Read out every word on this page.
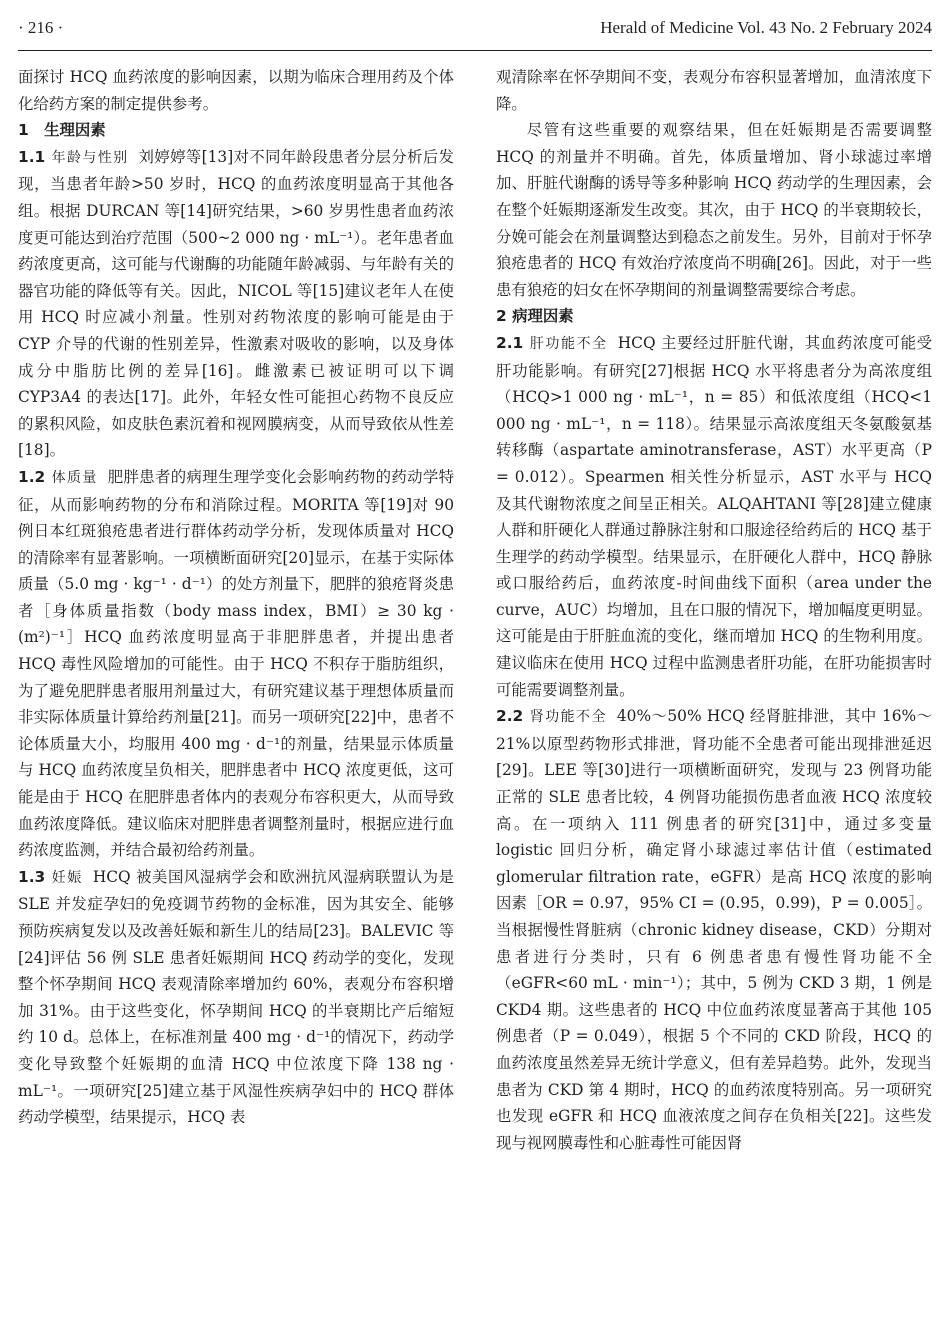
· 216 ·	Herald of Medicine Vol. 43 No. 2 February 2024

面探讨 HCQ 血药浓度的影响因素，以期为临床合理用药及个体化给药方案的制定提供参考。

1　生理因素

1.1 年龄与性别 刘婷婷等[13]对不同年龄段患者分层分析后发现，当患者年龄>50 岁时，HCQ 的血药浓度明显高于其他各组。根据 DURCAN 等[14]研究结果，>60 岁男性患者血药浓度更可能达到治疗范围（500~2 000 ng · mL⁻¹）。老年患者血药浓度更高，这可能与代谢酶的功能随年龄减弱、与年龄有关的器官功能的降低等有关。因此，NICOL 等[15]建议老年人在使用 HCQ 时应减小剂量。性别对药物浓度的影响可能是由于 CYP 介导的代谢的性别差异，性激素对吸收的影响，以及身体成分中脂肪比例的差异[16]。雌激素已被证明可以下调 CYP3A4 的表达[17]。此外，年轻女性可能担心药物不良反应的累积风险，如皮肤色素沉着和视网膜病变，从而导致依从性差[18]。

1.2 体质量 肥胖患者的病理生理学变化会影响药物的药动学特征，从而影响药物的分布和消除过程。MORITA 等[19]对 90 例日本红斑狼疮患者进行群体药动学分析，发现体质量对 HCQ 的清除率有显著影响。一项横断面研究[20]显示，在基于实际体质量（5.0 mg · kg⁻¹ · d⁻¹）的处方剂量下，肥胖的狼疮肾炎患者［身体质量指数（body mass index，BMI）≥ 30 kg · (m²)⁻¹］HCQ 血药浓度明显高于非肥胖患者，并提出患者 HCQ 毒性风险增加的可能性。由于 HCQ 不积存于脂肪组织，为了避免肥胖患者服用剂量过大，有研究建议基于理想体质量而非实际体质量计算给药剂量[21]。而另一项研究[22]中，患者不论体质量大小，均服用 400 mg · d⁻¹的剂量，结果显示体质量与 HCQ 血药浓度呈负相关，肥胖患者中 HCQ 浓度更低，这可能是由于 HCQ 在肥胖患者体内的表观分布容积更大，从而导致血药浓度降低。建议临床对肥胖患者调整剂量时，根据应进行血药浓度监测，并结合最初给药剂量。

1.3 妊娠 HCQ 被美国风湿病学会和欧洲抗风湿病联盟认为是 SLE 并发症孕妇的免疫调节药物的金标准，因为其安全、能够预防疾病复发以及改善妊娠和新生儿的结局[23]。BALEVIC 等[24]评估 56 例 SLE 患者妊娠期间 HCQ 药动学的变化，发现整个怀孕期间 HCQ 表观清除率增加约 60%，表观分布容积增加 31%。由于这些变化，怀孕期间 HCQ 的半衰期比产后缩短约 10 d。总体上，在标准剂量 400 mg · d⁻¹的情况下，药动学变化导致整个妊娠期的血清 HCQ 中位浓度下降 138 ng · mL⁻¹。一项研究[25]建立基于风湿性疾病孕妇中的 HCQ 群体药动学模型，结果提示，HCQ 表

观清除率在怀孕期间不变，表观分布容积显著增加，血清浓度下降。

尽管有这些重要的观察结果，但在妊娠期是否需要调整 HCQ 的剂量并不明确。首先，体质量增加、肾小球滤过率增加、肝脏代谢酶的诱导等多种影响 HCQ 药动学的生理因素，会在整个妊娠期逐渐发生改变。其次，由于 HCQ 的半衰期较长，分娩可能会在剂量调整达到稳态之前发生。另外，目前对于怀孕狼疮患者的 HCQ 有效治疗浓度尚不明确[26]。因此，对于一些患有狼疮的妇女在怀孕期间的剂量调整需要综合考虑。

2 病理因素

2.1 肝功能不全 HCQ 主要经过肝脏代谢，其血药浓度可能受肝功能影响。有研究[27]根据 HCQ 水平将患者分为高浓度组（HCQ>1 000 ng · mL⁻¹，n = 85）和低浓度组（HCQ<1 000 ng · mL⁻¹，n = 118）。结果显示高浓度组天冬氨酸氨基转移酶（aspartate aminotransferase，AST）水平更高（P = 0.012）。Spearmen 相关性分析显示，AST 水平与 HCQ 及其代谢物浓度之间呈正相关。ALQAHTANI 等[28]建立健康人群和肝硬化人群通过静脉注射和口服途径给药后的 HCQ 基于生理学的药动学模型。结果显示，在肝硬化人群中，HCQ 静脉或口服给药后，血药浓度-时间曲线下面积（area under the curve，AUC）均增加，且在口服的情况下，增加幅度更明显。这可能是由于肝脏血流的变化，继而增加 HCQ 的生物利用度。建议临床在使用 HCQ 过程中监测患者肝功能，在肝功能损害时可能需要调整剂量。

2.2 肾功能不全 40%～50% HCQ 经肾脏排泄，其中 16%～21%以原型药物形式排泄，肾功能不全患者可能出现排泄延迟[29]。LEE 等[30]进行一项横断面研究，发现与 23 例肾功能正常的 SLE 患者比较，4 例肾功能损伤患者血液 HCQ 浓度较高。在一项纳入 111 例患者的研究[31]中，通过多变量 logistic 回归分析，确定肾小球滤过率估计值（estimated glomerular filtration rate，eGFR）是高 HCQ 浓度的影响因素［OR = 0.97，95% CI = (0.95，0.99)，P = 0.005］。当根据慢性肾脏病（chronic kidney disease，CKD）分期对患者进行分类时，只有 6 例患者患有慢性肾功能不全（eGFR<60 mL · min⁻¹）；其中，5 例为 CKD 3 期，1 例是 CKD4 期。这些患者的 HCQ 中位血药浓度显著高于其他 105 例患者（P = 0.049），根据 5 个不同的 CKD 阶段，HCQ 的血药浓度虽然差异无统计学意义，但有差异趋势。此外，发现当患者为 CKD 第 4 期时，HCQ 的血药浓度特别高。另一项研究也发现 eGFR 和 HCQ 血液浓度之间存在负相关[22]。这些发现与视网膜毒性和心脏毒性可能因肾
